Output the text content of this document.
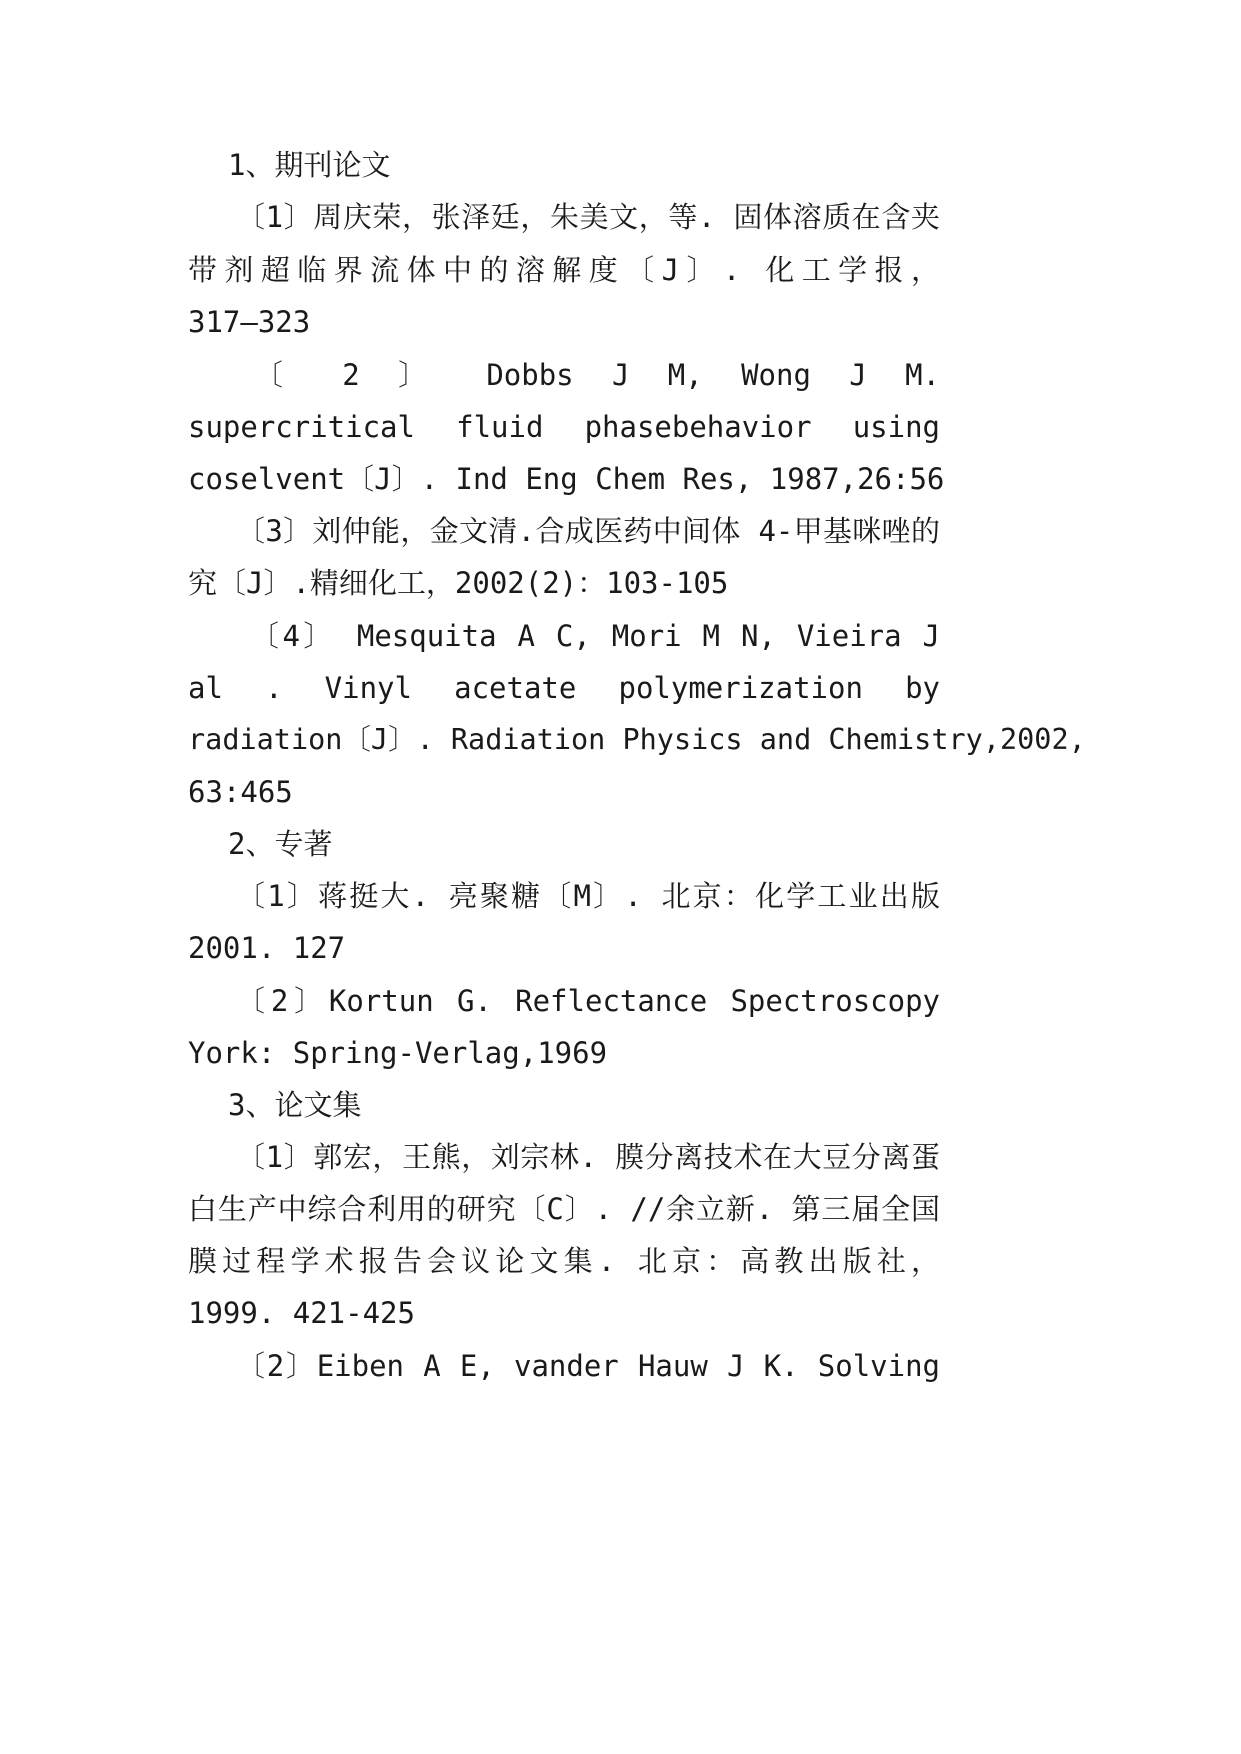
1、期刊论文
〔1〕周庆荣，张泽廷，朱美文，等. 固体溶质在含夹
带剂超临界流体中的溶解度〔J〕. 化工学报，
317—323
〔 2 〕 Dobbs J M, Wong J M.
supercritical fluid phasebehavior using
coselvent〔J〕. Ind Eng Chem Res, 1987,26:56
〔3〕刘仲能，金文清.合成医药中间体 4-甲基咪唑的
究〔J〕.精细化工，2002(2)：103-105
〔4〕 Mesquita A C, Mori M N, Vieira J
al . Vinyl acetate polymerization by
radiation〔J〕. Radiation Physics and Chemistry,2002,
63:465
2、专著
〔1〕蒋挺大. 亮聚糖〔M〕. 北京：化学工业出版
2001. 127
〔2〕Kortun G. Reflectance Spectroscopy
York: Spring-Verlag,1969
3、论文集
〔1〕郭宏，王熊，刘宗林. 膜分离技术在大豆分离蛋
白生产中综合利用的研究〔C〕. //余立新. 第三届全国
膜过程学术报告会议论文集. 北京：高教出版社，
1999. 421-425
〔2〕Eiben A E, vander Hauw J K. Solving
